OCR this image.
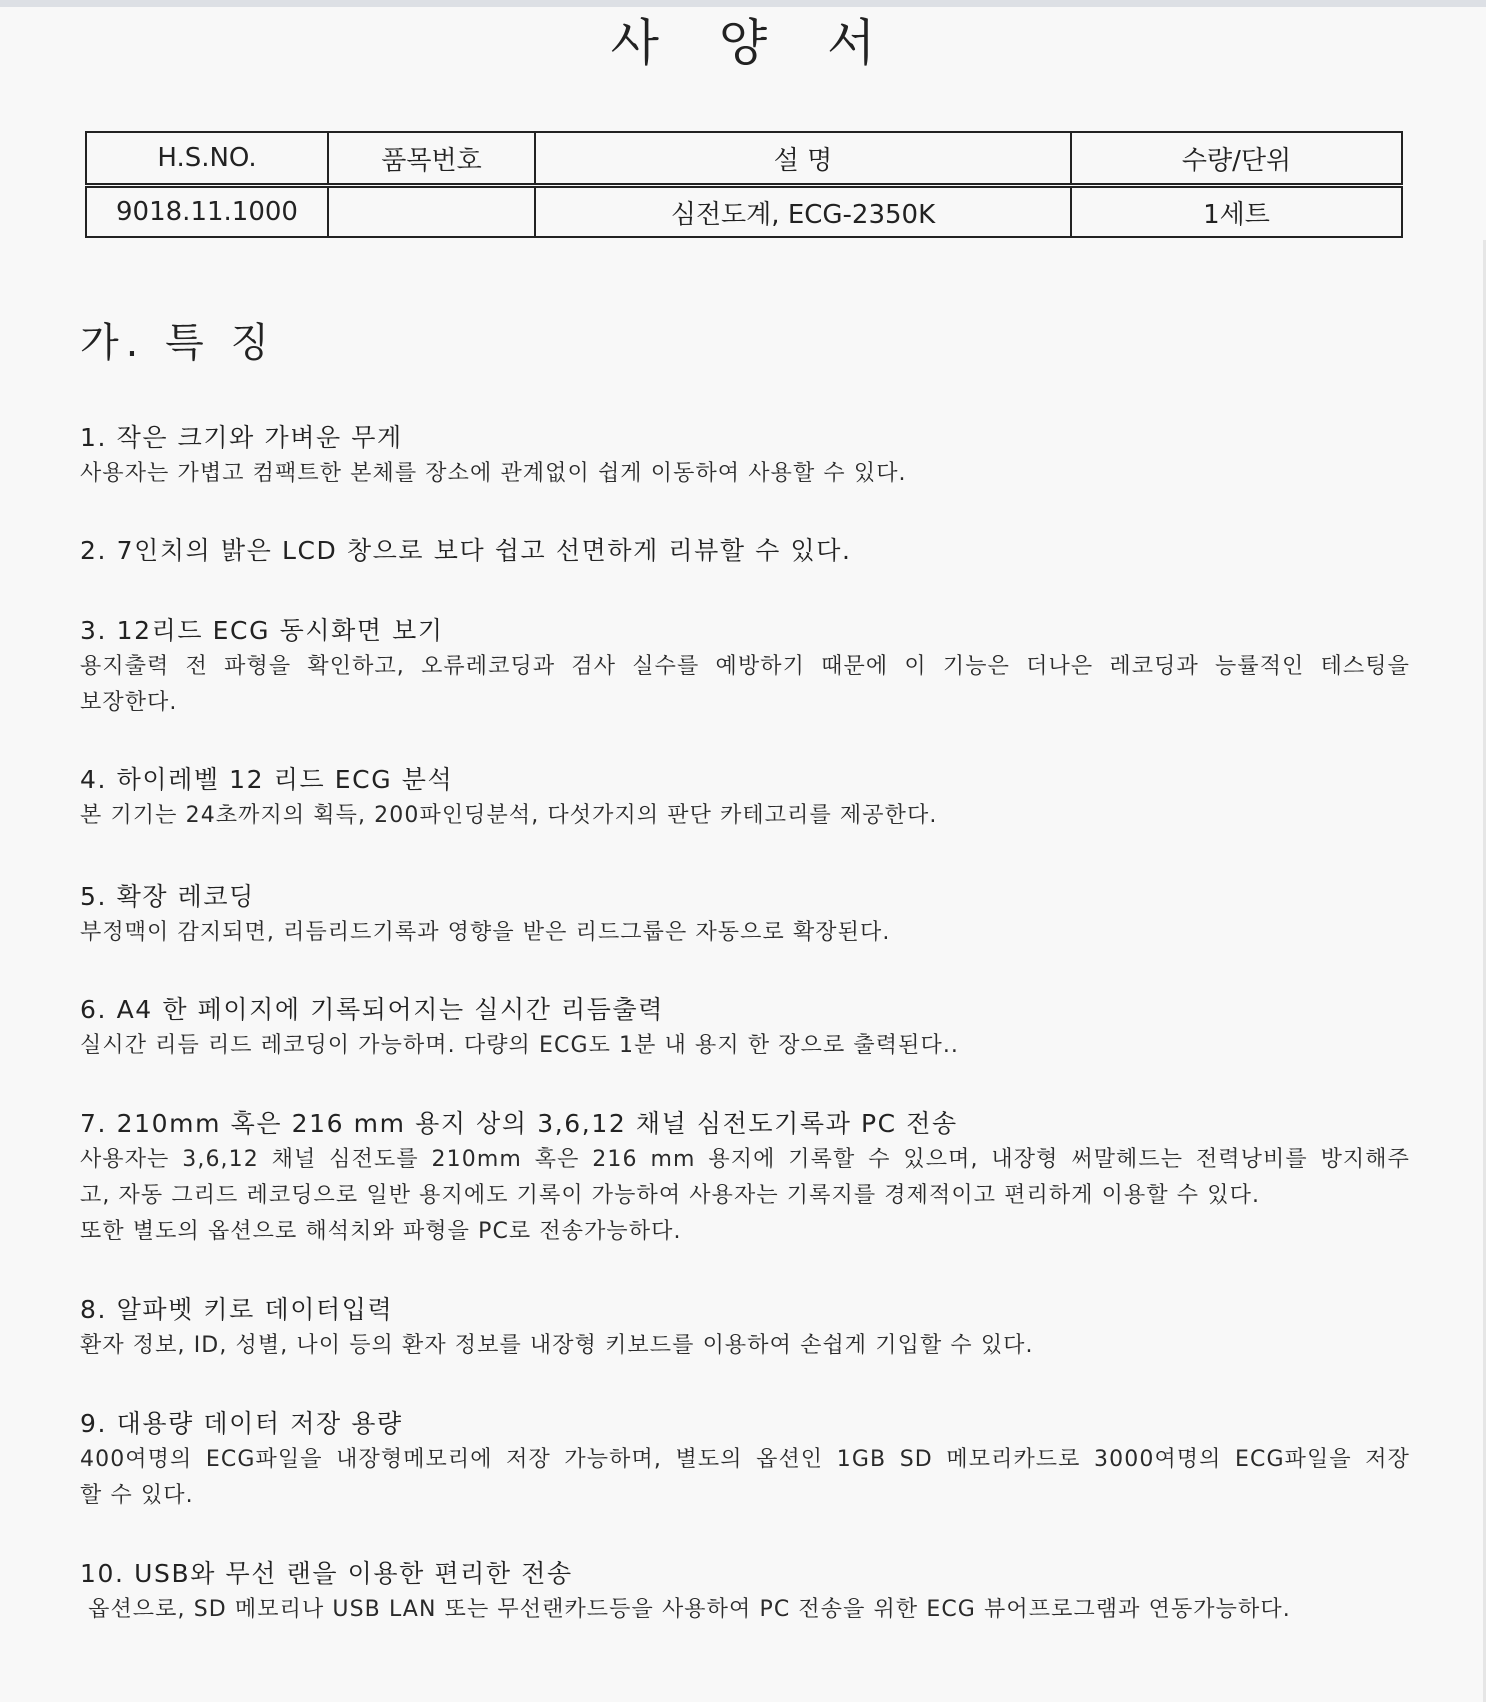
사 양 서
H.S.NO.	품목번호	설 명	수량/단위
9018.11.1000		심전도계, ECG-2350K	1세트
가. 특 징
1. 작은 크기와 가벼운 무게
사용자는 가볍고 컴팩트한 본체를 장소에 관계없이 쉽게 이동하여 사용할 수 있다.
2. 7인치의 밝은 LCD 창으로 보다 쉽고 선면하게 리뷰할 수 있다.
3. 12리드 ECG 동시화면 보기
용지출력 전 파형을 확인하고, 오류레코딩과 검사 실수를 예방하기 때문에 이 기능은 더나은 레코딩과 능률적인 테스팅을
보장한다.
4. 하이레벨 12 리드 ECG 분석
본 기기는 24초까지의 획득, 200파인딩분석, 다섯가지의 판단 카테고리를 제공한다.
5. 확장 레코딩
부정맥이 감지되면, 리듬리드기록과 영향을 받은 리드그룹은 자동으로 확장된다.
6. A4 한 페이지에 기록되어지는 실시간 리듬출력
실시간 리듬 리드 레코딩이 가능하며. 다량의 ECG도 1분 내 용지 한 장으로 출력된다..
7. 210mm 혹은 216 mm 용지 상의 3,6,12 채널 심전도기록과 PC 전송
사용자는 3,6,12 채널 심전도를 210mm 혹은 216 mm 용지에 기록할 수 있으며, 내장형 써말헤드는 전력낭비를 방지해주
고, 자동 그리드 레코딩으로 일반 용지에도 기록이 가능하여 사용자는 기록지를 경제적이고 편리하게 이용할 수 있다.
또한 별도의 옵션으로 해석치와 파형을 PC로 전송가능하다.
8. 알파벳 키로 데이터입력
환자 정보, ID, 성별, 나이 등의 환자 정보를 내장형 키보드를 이용하여 손쉽게 기입할 수 있다.
9. 대용량 데이터 저장 용량
400여명의 ECG파일을 내장형메모리에 저장 가능하며, 별도의 옵션인 1GB SD 메모리카드로 3000여명의 ECG파일을 저장
할 수 있다.
10. USB와 무선 랜을 이용한 편리한 전송
옵션으로, SD 메모리나 USB LAN 또는 무선랜카드등을 사용하여 PC 전송을 위한 ECG 뷰어프로그램과 연동가능하다.
